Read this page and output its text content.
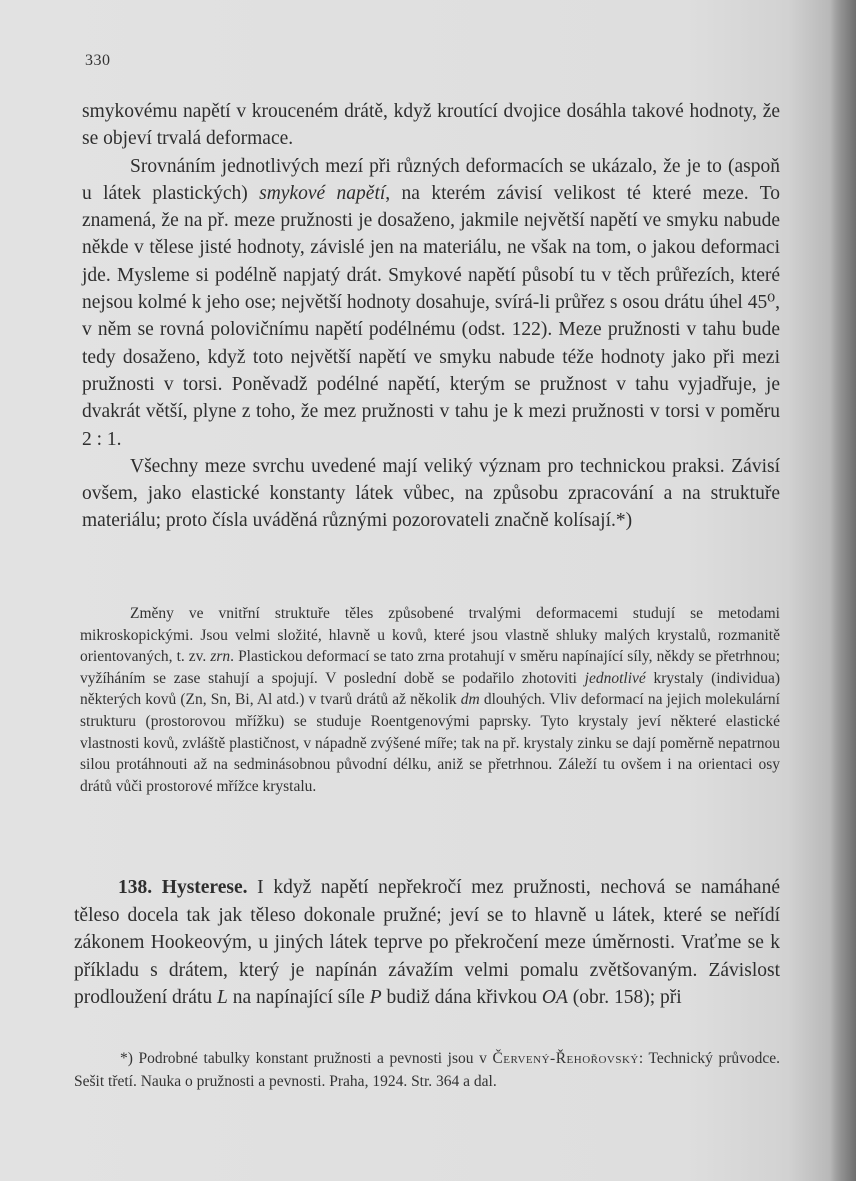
330

smykovému napětí v krouceném drátě, když kroutící dvojice dosáhla takové hodnoty, že se objeví trvalá deformace.

Srovnáním jednotlivých mezí při různých deformacích se ukázalo, že je to (aspoň u látek plastických) smykové napětí, na kterém závisí velikost té které meze. To znamená, že na př. meze pružnosti je dosaženo, jakmile největší napětí ve smyku nabude někde v tělese jisté hodnoty, závislé jen na materiálu, ne však na tom, o jakou deformaci jde. Mysleme si podélně napjatý drát. Smykové napětí působí tu v těch průřezích, které nejsou kolmé k jeho ose; největší hodnoty dosahuje, svírá-li průřez s osou drátu úhel 45⁰, v něm se rovná polovičnímu napětí podélnému (odst. 122). Meze pružnosti v tahu bude tedy dosaženo, když toto největší napětí ve smyku nabude téže hodnoty jako při mezi pružnosti v torsi. Poněvadž podélné napětí, kterým se pružnost v tahu vyjadřuje, je dvakrát větší, plyne z toho, že mez pružnosti v tahu je k mezi pružnosti v torsi v poměru 2 : 1.

Všechny meze svrchu uvedené mají veliký význam pro technickou praksi. Závisí ovšem, jako elastické konstanty látek vůbec, na způsobu zpracování a na struktuře materiálu; proto čísla uváděná různými pozorovateli značně kolísají.*)

Změny ve vnitřní struktuře těles způsobené trvalými deformacemi studují se metodami mikroskopickými. Jsou velmi složité, hlavně u kovů, které jsou vlastně shluky malých krystalů, rozmanitě orientovaných, t. zv. zrn. Plastickou deformací se tato zrna protahují v směru napínající síly, někdy se přetrhnou; vyžíháním se zase stahují a spojují. V poslední době se podařilo zhotoviti jednotlivé krystaly (individua) některých kovů (Zn, Sn, Bi, Al atd.) v tvarů drátů až několik dm dlouhých. Vliv deformací na jejich molekulární strukturu (prostorovou mřížku) se studuje Roentgenovými paprsky. Tyto krystaly jeví některé elastické vlastnosti kovů, zvláště plastičnost, v nápadně zvýšené míře; tak na př. krystaly zinku se dají poměrně nepatrnou silou protáhnouti až na sedminásobnou původní délku, aniž se přetrhnou. Záleží tu ovšem i na orientaci osy drátů vůči prostorové mřížce krystalu.

138. Hysterese. I když napětí nepřekročí mez pružnosti, nechová se namáhané těleso docela tak jak těleso dokonale pružné; jeví se to hlavně u látek, které se neřídí zákonem Hookeovým, u jiných látek teprve po překročení meze úměrnosti. Vraťme se k příkladu s drátem, který je napínán závažím velmi pomalu zvětšovaným. Závislost prodloužení drátu L na napínající síle P budiž dána křivkou OA (obr. 158); při

*) Podrobné tabulky konstant pružnosti a pevnosti jsou v Červený-Řehořovský: Technický průvodce. Sešit třetí. Nauka o pružnosti a pevnosti. Praha, 1924. Str. 364 a dal.
